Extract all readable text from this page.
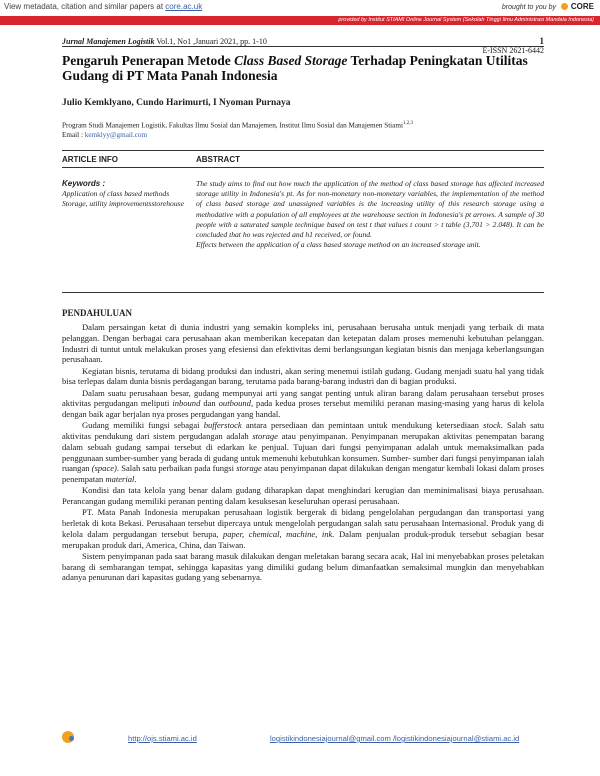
View metadata, citation and similar papers at core.ac.uk	brought to you by CORE
provided by Institut STIAMI Online Journal System (Sekolah Tinggi Ilmu Administrasi Mandala Indonesia)
Jurnal Manajemen Logistik Vol.1, No1 ,Januari 2021, pp. 1-10	1
E-ISSN 2621-6442
Pengaruh Penerapan Metode Class Based Storage Terhadap Peningkatan Utilitas Gudang di PT Mata Panah Indonesia
Julio Kemklyano, Cundo Harimurti, I Nyoman Purnaya
Program Studi Manajemen Logistik, Fakultas Ilmu Sosial dan Manajemen, Institut Ilmu Sosial dan Manajemen Stiami$^{1,2,3}$
Email : kemklyy@gmail.com
ARTICLE INFO	ABSTRACT
Keywords :
Application of class based methods Storage, utility improvementsstorehouse

The study aims to find out how much the application of the method of class based storage has affected increased storage utility in Indonesia's pt. As for non-monetary non-monetary variables, the implementation of the method of class based storage and unassigned variables is the increasing utility of this research storage using a methodative with a population of all employees at the warehouse section in Indonesia's pt arrows. A sample of 30 people with a saturated sample technique based on test t that values t count > t table (3,701 > 2.048). It can be concluded that ho was rejected and h1 received, or found.

Effects between the application of a class based storage method on an increased storage unit.

PENDAHULUAN

Dalam persaingan ketat di dunia industri yang semakin kompleks ini, perusahaan berusaha untuk menjadi yang terbaik di mata pelanggan. Dengan berbagai cara perusahaan akan memberikan kecepatan dan ketepatan dalam proses memenuhi kebutuhan pelanggan. Industri di tuntut untuk melakukan proses yang efesiensi dan efektivitas demi berlangsungan kegiatan bisnis dan menjaga keberlangsungan perusahaan.

Kegiatan bisnis, terutama di bidang produksi dan industri, akan sering menemui istilah gudang. Gudang menjadi suatu hal yang tidak bisa terlepas dalam dunia bisnis perdagangan barang, terutama pada barang-barang industri dan di bagian produksi.

Dalam suatu perusahaan besar, gudang mempunyai arti yang sangat penting untuk aliran barang dalam perusahaan tersebut proses aktivitas pergudangan meliputi inbound dan outbound, pada kedua proses tersebut memiliki peranan masing-masing yang harus di kelola dengan baik agar berjalan nya proses pergudangan yang handal.

Gudang memiliki fungsi sebagai bufferstock antara persediaan dan pemintaan untuk mendukung ketersediaan stock. Salah satu aktivitas pendukung dari sistem pergudangan adalah storage atau penyimpanan. Penyimpanan merupakan aktivitas penempatan barang dalam sebuah gudang sampai tersebut di edarkan ke penjual. Tujuan dari fungsi penyimpanan adalah untuk memaksimalkan pada penggunaan sumber-sumber yang berada di gudang untuk memenuhi kebutuhkan konsumen. Sumber- sumber dari fungsi penyimpanan ialah ruangan (space). Salah satu perbaikan pada fungsi storage atau penyimpanan dapat dilakukan dengan mengatur kembali lokasi dalam proses penempatan material.

Kondisi dan tata kelola yang benar dalam gudang diharapkan dapat menghindari kerugian dan meminimalisasi biaya perusahaan. Perancangan gudang memiliki peranan penting dalam kesuksesan keseluruhan operasi perusahaan.

PT. Mata Panah Indonesia merupakan perusahaan logistik bergerak di bidang pengelolahan pergudangan dan transportasi yang berletak di kota Bekasi. Perusahaan tersebut dipercaya untuk mengelolah pergudangan salah satu perusahaan Internasional. Produk yang di kelola dalam pergudangan tersebut berupa, paper, chemical, machine, ink. Dalam penjualan produk-produk tersebut sebagian besar merupakan produk dari, America, China, dan Taiwan.

Sistem penyimpanan pada saat barang masuk dilakukan dengan meletakan barang secara acak, Hal ini menyebabkan proses peletakan barang di sembarangan tempat, sehingga kapasitas yang dimiliki gudang belum dimanfaatkan semaksimal mungkin dan menyebabkan adanya penurunan dari kapasitas gudang yang sebenarnya.

http://ojs.stiami.ac.id	logistikindonesiajournal@gmail.com /logistikindonesiajournal@stiami.ac.id
